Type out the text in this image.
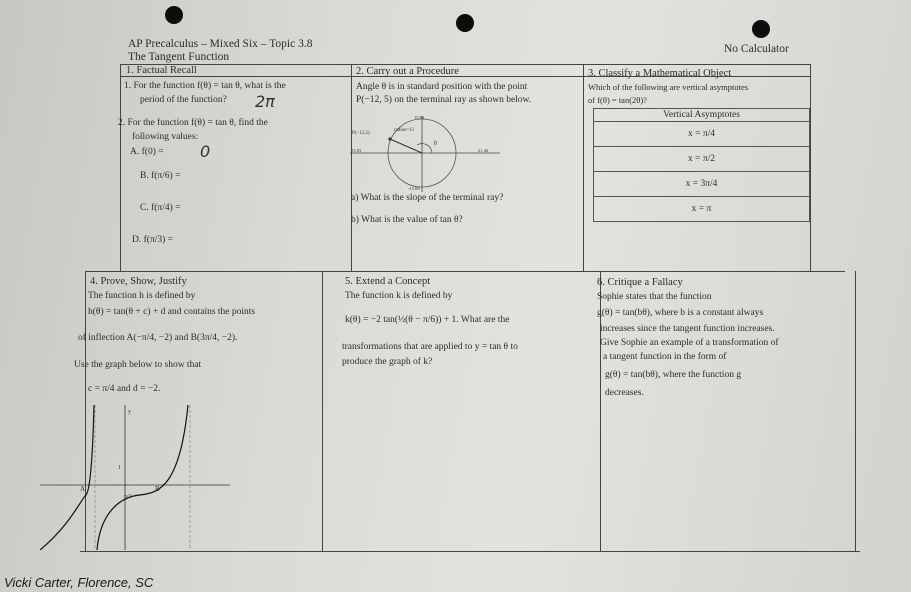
AP Precalculus – Mixed Six – Topic 3.8
The Tangent Function
No Calculator
1. Factual Recall
1. For the function f(θ) = tan θ, what is the
period of the function? 2π
2. For the function f(θ) = tan θ, find the
following values:
A. f(0) = 0
B. f(π/6) =
C. f(π/4) =
D. f(π/3) =
2. Carry out a Procedure
Angle θ is in standard position with the point
P(−12, 5) on the terminal ray as shown below.
P(−12,5)
radius=13
15.84
23.83	21.46
-15.69
θ
a) What is the slope of the terminal ray?
b) What is the value of tan θ?
3. Classify a Mathematical Object
Which of the following are vertical asymptotes
of f(θ) = tan(2θ)?
Vertical Asymptotes
x = π/4
x = π/2
x = 3π/4
x = π
4. Prove, Show, Justify
The function h is defined by
h(θ) = tan(θ + c) + d and contains the points
of inflection A(−π/4, −2) and B(3π/4, −2).
Use the graph below to show that
c = π/4 and d = −2.
A	B
1
π/4
y
5. Extend a Concept
The function k is defined by
k(θ) = −2 tan(½(θ − π/6)) + 1. What are the
transformations that are applied to y = tan θ to
produce the graph of k?
6. Critique a Fallacy
Sophie states that the function
g(θ) = tan(bθ), where b is a constant always
increases since the tangent function increases.
Give Sophie an example of a transformation of
a tangent function in the form of
g(θ) = tan(bθ), where the function g
decreases.
Vicki Carter, Florence, SC
